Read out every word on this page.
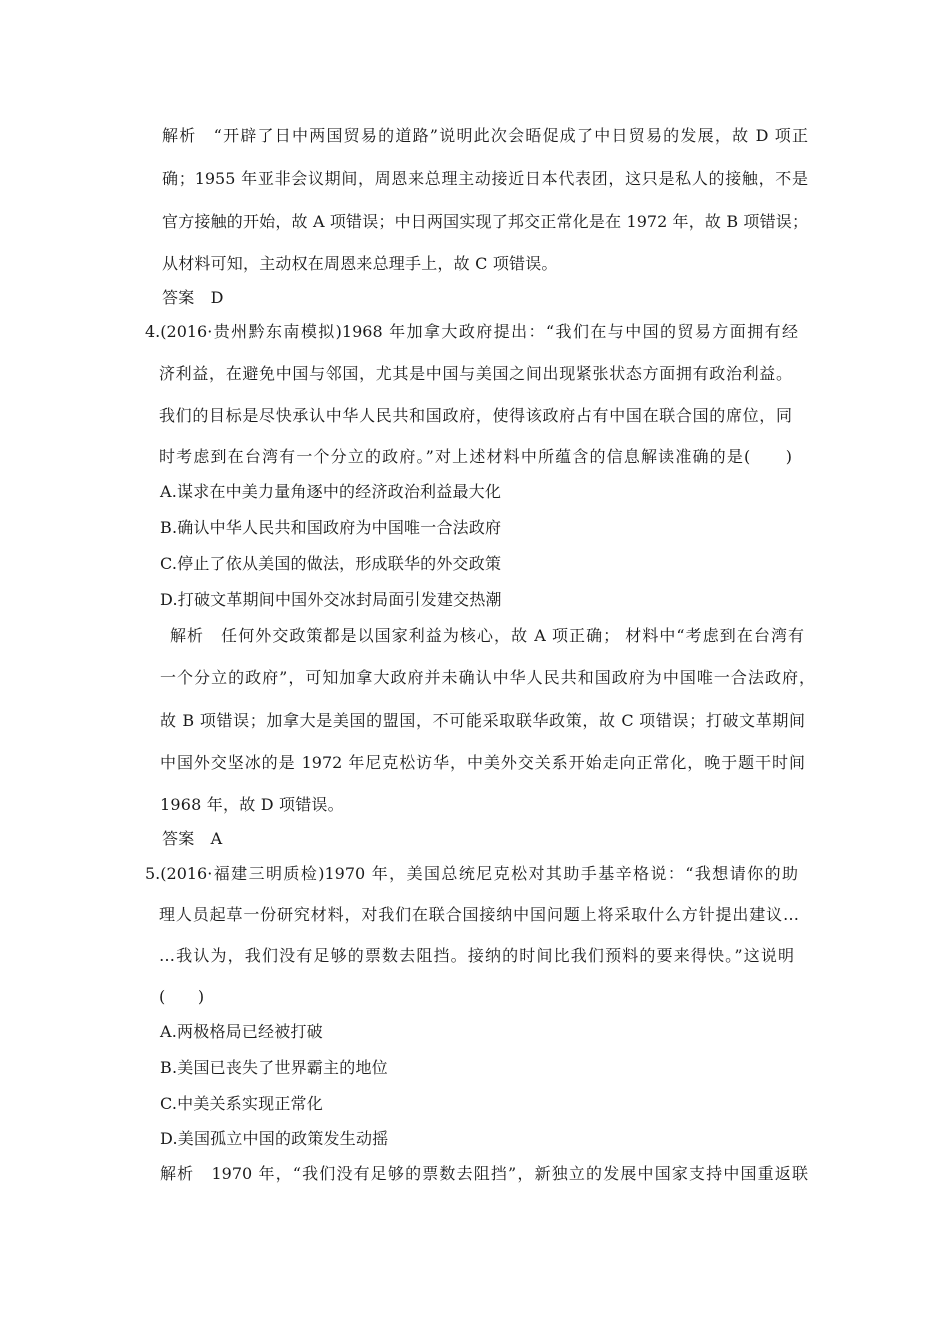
解析　“开辟了日中两国贸易的道路”说明此次会晤促成了中日贸易的发展，故 D 项正
确；1955 年亚非会议期间，周恩来总理主动接近日本代表团，这只是私人的接触，不是
官方接触的开始，故 A 项错误；中日两国实现了邦交正常化是在 1972 年，故 B 项错误；
从材料可知，主动权在周恩来总理手上，故 C 项错误。
答案　D
4.(2016·贵州黔东南模拟)1968 年加拿大政府提出：“我们在与中国的贸易方面拥有经
济利益，在避免中国与邻国，尤其是中国与美国之间出现紧张状态方面拥有政治利益。
我们的目标是尽快承认中华人民共和国政府，使得该政府占有中国在联合国的席位，同
时考虑到在台湾有一个分立的政府。”对上述材料中所蕴含的信息解读准确的是(　　)
A.谋求在中美力量角逐中的经济政治利益最大化
B.确认中华人民共和国政府为中国唯一合法政府
C.停止了依从美国的做法，形成联华的外交政策
D.打破文革期间中国外交冰封局面引发建交热潮
解析　任何外交政策都是以国家利益为核心，故 A 项正确； 材料中“考虑到在台湾有
一个分立的政府”，可知加拿大政府并未确认中华人民共和国政府为中国唯一合法政府，
故 B 项错误；加拿大是美国的盟国，不可能采取联华政策，故 C 项错误；打破文革期间
中国外交坚冰的是 1972 年尼克松访华，中美外交关系开始走向正常化，晚于题干时间
1968 年，故 D 项错误。
答案　A
5.(2016·福建三明质检)1970 年，美国总统尼克松对其助手基辛格说：“我想请你的助
理人员起草一份研究材料，对我们在联合国接纳中国问题上将采取什么方针提出建议…
…我认为，我们没有足够的票数去阻挡。接纳的时间比我们预料的要来得快。”这说明
(　　)
A.两极格局已经被打破
B.美国已丧失了世界霸主的地位
C.中美关系实现正常化
D.美国孤立中国的政策发生动摇
解析　1970 年，“我们没有足够的票数去阻挡”，新独立的发展中国家支持中国重返联
